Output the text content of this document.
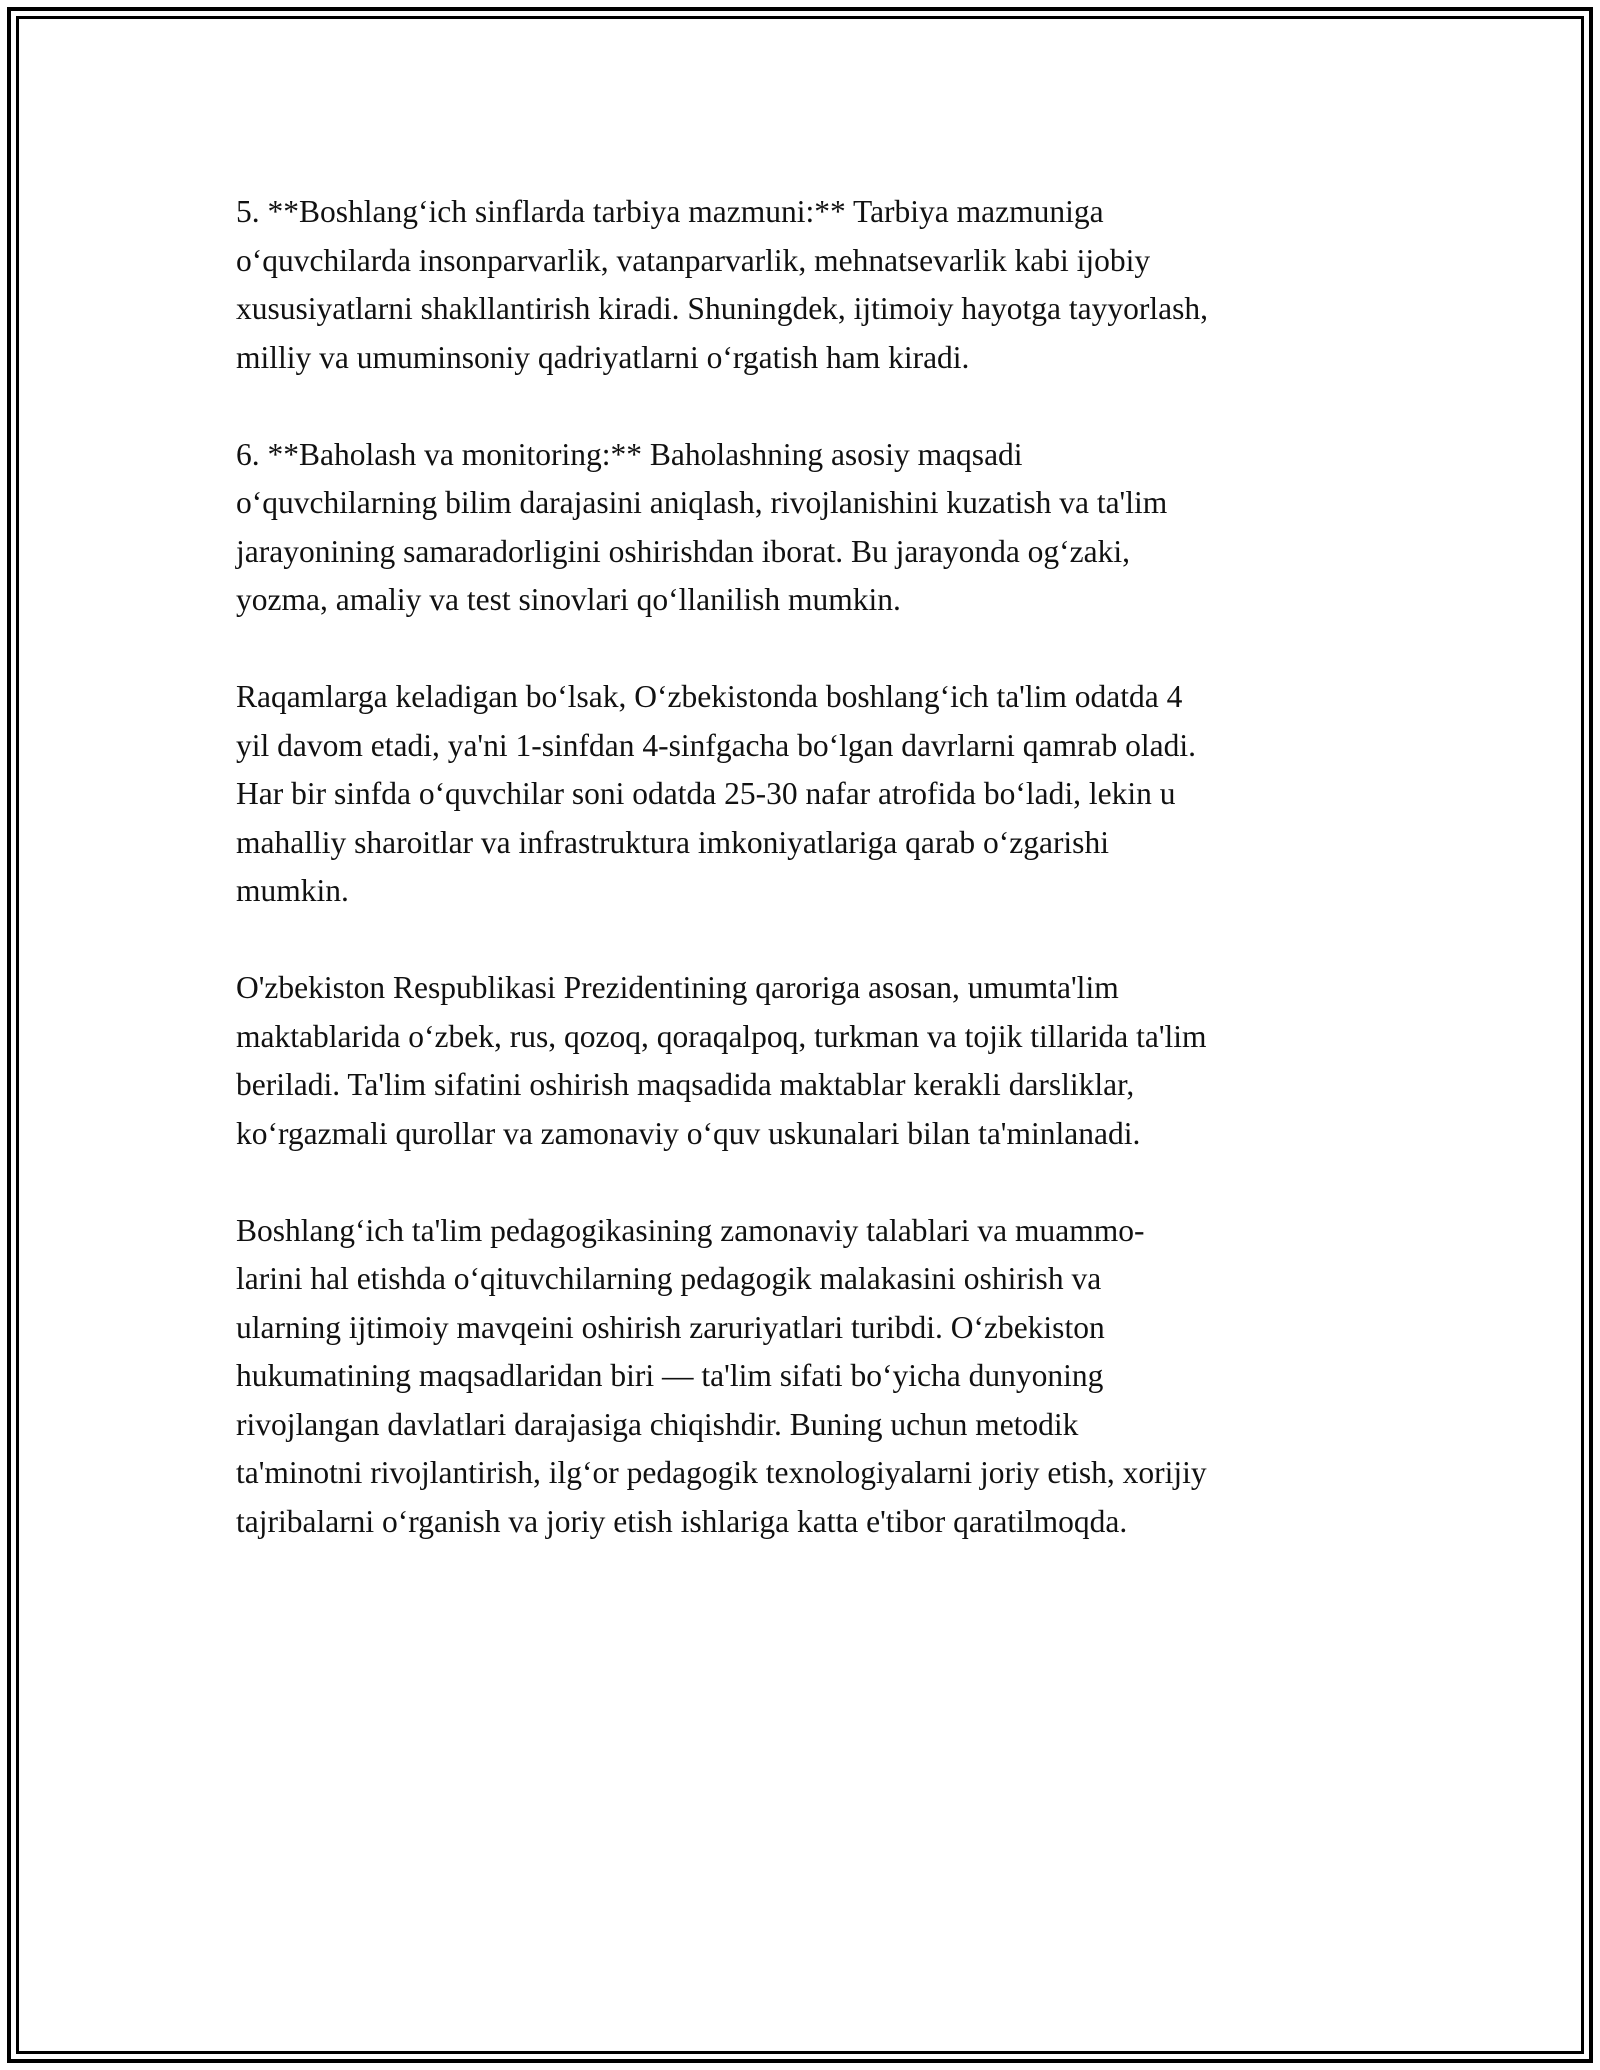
5. **Boshlang‘ich sinflarda tarbiya mazmuni:** Tarbiya mazmuniga
o‘quvchilarda insonparvarlik, vatanparvarlik, mehnatsevarlik kabi ijobiy
xususiyatlarni shakllantirish kiradi. Shuningdek, ijtimoiy hayotga tayyorlash,
milliy va umuminsoniy qadriyatlarni o‘rgatish ham kiradi.

6. **Baholash va monitoring:** Baholashning asosiy maqsadi
o‘quvchilarning bilim darajasini aniqlash, rivojlanishini kuzatish va ta'lim
jarayonining samaradorligini oshirishdan iborat. Bu jarayonda og‘zaki,
yozma, amaliy va test sinovlari qo‘llanilish mumkin.

Raqamlarga keladigan bo‘lsak, O‘zbekistonda boshlang‘ich ta'lim odatda 4
yil davom etadi, ya'ni 1-sinfdan 4-sinfgacha bo‘lgan davrlarni qamrab oladi.
Har bir sinfda o‘quvchilar soni odatda 25-30 nafar atrofida bo‘ladi, lekin u
mahalliy sharoitlar va infrastruktura imkoniyatlariga qarab o‘zgarishi
mumkin.

O'zbekiston Respublikasi Prezidentining qaroriga asosan, umumta'lim
maktablarida o‘zbek, rus, qozoq, qoraqalpoq, turkman va tojik tillarida ta'lim
beriladi. Ta'lim sifatini oshirish maqsadida maktablar kerakli darsliklar,
ko‘rgazmali qurollar va zamonaviy o‘quv uskunalari bilan ta'minlanadi.

Boshlang‘ich ta'lim pedagogikasining zamonaviy talablari va muammo-
larini hal etishda o‘qituvchilarning pedagogik malakasini oshirish va
ularning ijtimoiy mavqeini oshirish zaruriyatlari turibdi. O‘zbekiston
hukumatining maqsadlaridan biri — ta'lim sifati bo‘yicha dunyoning
rivojlangan davlatlari darajasiga chiqishdir. Buning uchun metodik
ta'minotni rivojlantirish, ilg‘or pedagogik texnologiyalarni joriy etish, xorijiy
tajribalarni o‘rganish va joriy etish ishlariga katta e'tibor qaratilmoqda.
